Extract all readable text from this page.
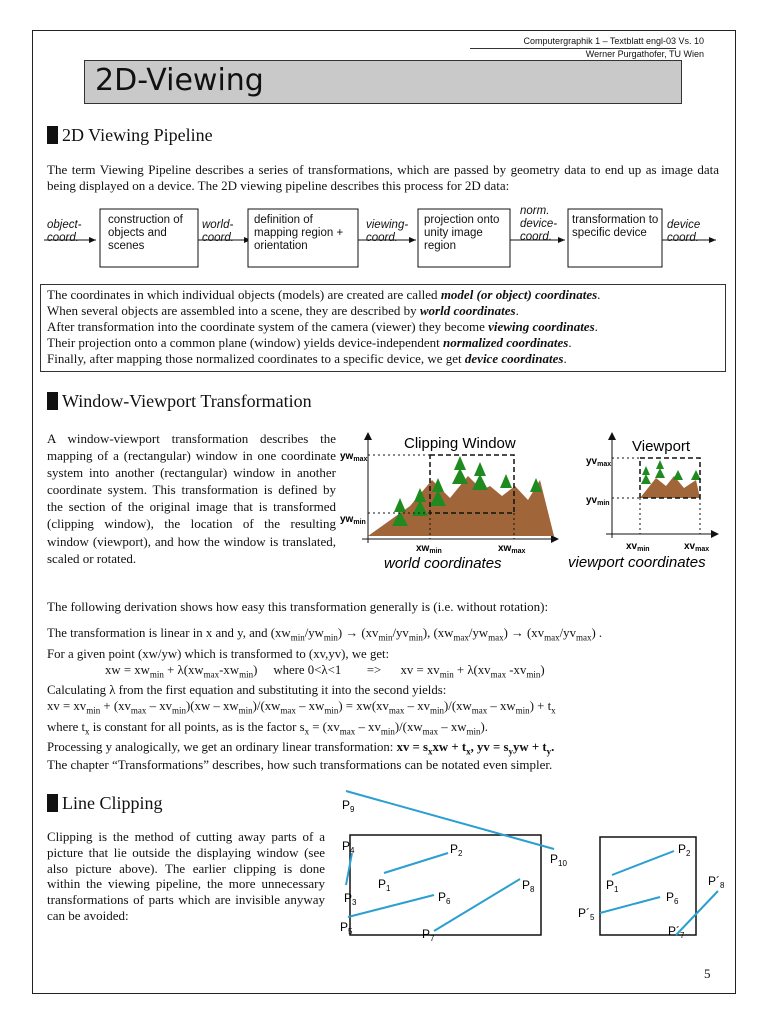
Computergraphik 1 – Textblatt engl-03 Vs. 10
Werner Purgathofer, TU Wien
2D-Viewing
2D Viewing Pipeline
The term Viewing Pipeline describes a series of transformations, which are passed by geometry data to end up as image data being displayed on a device. The 2D viewing pipeline describes this process for 2D data:
object-coord.
construction of objects and scenes
world-coord.
definition of mapping region + orientation
viewing-coord.
projection onto unity image region
norm. device-coord.
transformation to specific device
device coord.
The coordinates in which individual objects (models) are created are called model (or object) coordinates.
When several objects are assembled into a scene, they are described by world coordinates.
After transformation into the coordinate system of the camera (viewer) they become viewing coordinates.
Their projection onto a common plane (window) yields device-independent normalized coordinates.
Finally, after mapping those normalized coordinates to a specific device, we get device coordinates.
Window-Viewport Transformation
A window-viewport transformation describes the mapping of a (rectangular) window in one coordinate system into another (rectangular) window in another coordinate system. This transformation is defined by the section of the original image that is transformed (clipping window), the location of the resulting window (viewport), and how the window is translated, scaled or rotated.
Clipping Window
world coordinates
$yw_{max}$
$yw_{min}$
$xw_{min}$	$xw_{max}$
Viewport
viewport coordinates
$yv_{max}$
$yv_{min}$
$xv_{min}$	$xv_{max}$
The following derivation shows how easy this transformation generally is (i.e. without rotation):
The transformation is linear in x and y, and $(xw_{min}/yw_{min}) \to (xv_{min}/yv_{min})$, $(xw_{max}/yw_{max}) \to (xv_{max}/yv_{max})$ .
For a given point (xw/yw) which is transformed to (xv,yv), we get:
xw = $xw_{min} + \lambda(xw_{max}-xw_{min})$     where 0<λ<1 =>      xv = $xv_{min} + \lambda(xv_{max}$ $-xv_{min}$)
Calculating λ from the first equation and substituting it into the second yields:
xv = $xv_{min} + (xv_{max} - xv_{min})(xw - xw_{min})/(xw_{max} - xw_{min}) = xw(xv_{max} - xv_{min})/(xw_{max} - xw_{min}) + t_x$
where $t_x$ is constant for all points, as is the factor $s_x = (xv_{max} - xv_{min})/(xw_{max} - xw_{min})$.
Processing y analogically, we get an ordinary linear transformation: xv = $s_xxw + t_x$, yv = $s_yyw + t_y$.
The chapter “Transformations” describes, how such transformations can be notated even simpler.
Line Clipping
Clipping is the method of cutting away parts of a picture that lie outside the displaying window (see also picture above). The earlier clipping is done within the viewing pipeline, the more unnecessary transformations of parts which are invisible anyway can be avoided:
$P_9$
$P_{10}$
$P_4$
$P_3$
$P_5$
$P_1$
$P_2$
$P_6$
$P_7$
$P_8$	$P_1$
$P_2$
$P_6$
$P´_5$
$P´_7$
$P´_8$
5
